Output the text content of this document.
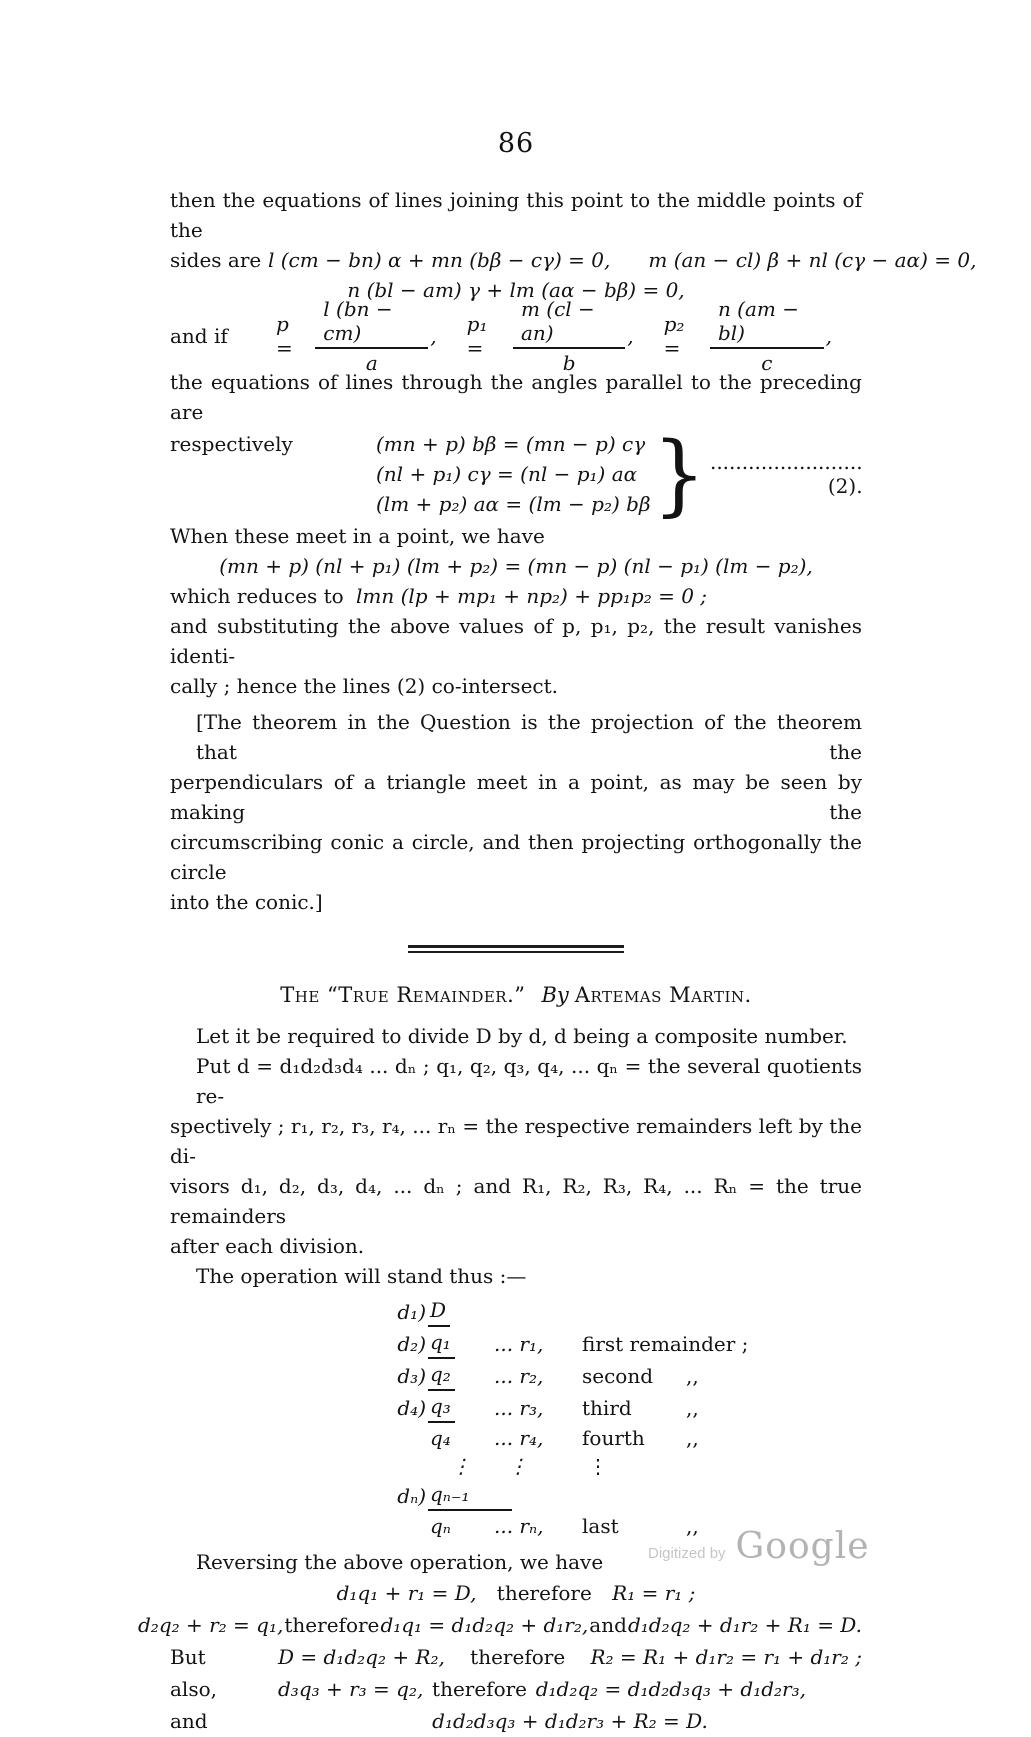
86
then the equations of lines joining this point to the middle points of the
sides are l (cm − bn) α + mn (bβ − cγ) = 0, m (an − cl) β + nl (cγ − aα) = 0,
n (bl − am) γ + lm (aα − bβ) = 0,
and if	p =	$\frac{l (bn - cm)}{a}$ , p₁ =	$\frac{m (cl - an)}{b}$ , p₂ =	$\frac{n (am - bl)}{c}$ ,
the equations of lines through the angles parallel to the preceding are
respectively	(mn + p) bβ = (mn − p) cγ
(nl + p₁) cγ = (nl − p₁) aα
(lm + p₂) aα = (lm − p₂) bβ } ........................ (2).
When these meet in a point, we have
(mn + p) (nl + p₁) (lm + p₂) = (mn − p) (nl − p₁) (lm − p₂),
which reduces to lmn (lp + mp₁ + np₂) + pp₁p₂ = 0 ;
and substituting the above values of p, p₁, p₂, the result vanishes identi-
cally ; hence the lines (2) co-intersect.
[The theorem in the Question is the projection of the theorem that the
perpendiculars of a triangle meet in a point, as may be seen by making the
circumscribing conic a circle, and then projecting orthogonally the circle
into the conic.]
The “True Remainder.” By Artemas Martin.
Let it be required to divide D by d, d being a composite number.
Put d = d₁d₂d₃d₄ ... dₙ ; q₁, q₂, q₃, q₄, ... qₙ = the several quotients re-
spectively ; r₁, r₂, r₃, r₄, ... rₙ = the respective remainders left by the di-
visors d₁, d₂, d₃, d₄, ... dₙ ; and R₁, R₂, R₃, R₄, ... Rₙ = the true remainders
after each division.
The operation will stand thus :—
d₁) D
d₂) q₁	... r₁,	first remainder ;
d₃) q₂	... r₂,	second	,,
d₄) q₃	... r₃,	third	,,
q₄	... r₄,	fourth	,,
⋮	⋮	⋮
dₙ) qₙ₋₁
qₙ	... rₙ,	last	,,
Reversing the above operation, we have
d₁q₁ + r₁ = D, therefore R₁ = r₁ ;
d₂q₂ + r₂ = q₁, therefore d₁q₁ = d₁d₂q₂ + d₁r₂, and d₁d₂q₂ + d₁r₂ + R₁ = D.
But	D = d₁d₂q₂ + R₂, therefore R₂ = R₁ + d₁r₂ = r₁ + d₁r₂ ;
also,	d₃q₃ + r₃ = q₂, therefore d₁d₂q₂ = d₁d₂d₃q₃ + d₁d₂r₃,
and	d₁d₂d₃q₃ + d₁d₂r₃ + R₂ = D.
Digitized by Google
